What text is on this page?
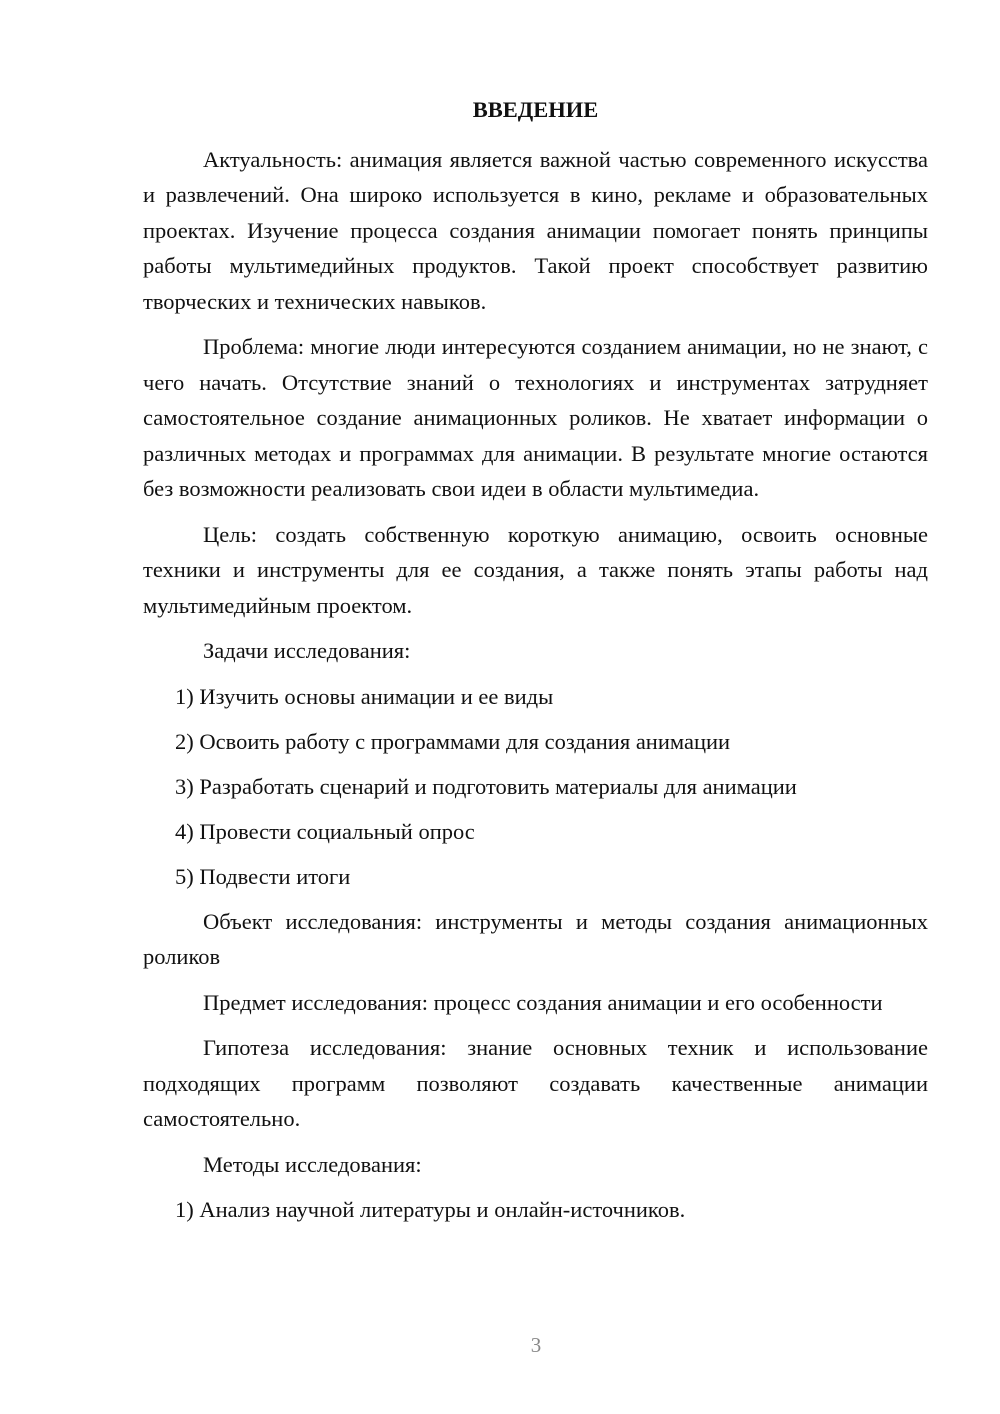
ВВЕДЕНИЕ
Актуальность: анимация является важной частью современного искусства и развлечений. Она широко используется в кино, рекламе и образовательных проектах. Изучение процесса создания анимации помогает понять принципы работы мультимедийных продуктов. Такой проект способствует развитию творческих и технических навыков.
Проблема: многие люди интересуются созданием анимации, но не знают, с чего начать. Отсутствие знаний о технологиях и инструментах затрудняет самостоятельное создание анимационных роликов. Не хватает информации о различных методах и программах для анимации. В результате многие остаются без возможности реализовать свои идеи в области мультимедиа.
Цель: создать собственную короткую анимацию, освоить основные техники и инструменты для ее создания, а также понять этапы работы над мультимедийным проектом.
Задачи исследования:
1) Изучить основы анимации и ее виды
2) Освоить работу с программами для создания анимации
3) Разработать сценарий и подготовить материалы для анимации
4) Провести социальный опрос
5) Подвести итоги
Объект исследования: инструменты и методы создания анимационных роликов
Предмет исследования: процесс создания анимации и его особенности
Гипотеза исследования: знание основных техник и использование подходящих программ позволяют создавать качественные анимации самостоятельно.
Методы исследования:
1) Анализ научной литературы и онлайн-источников.
3
